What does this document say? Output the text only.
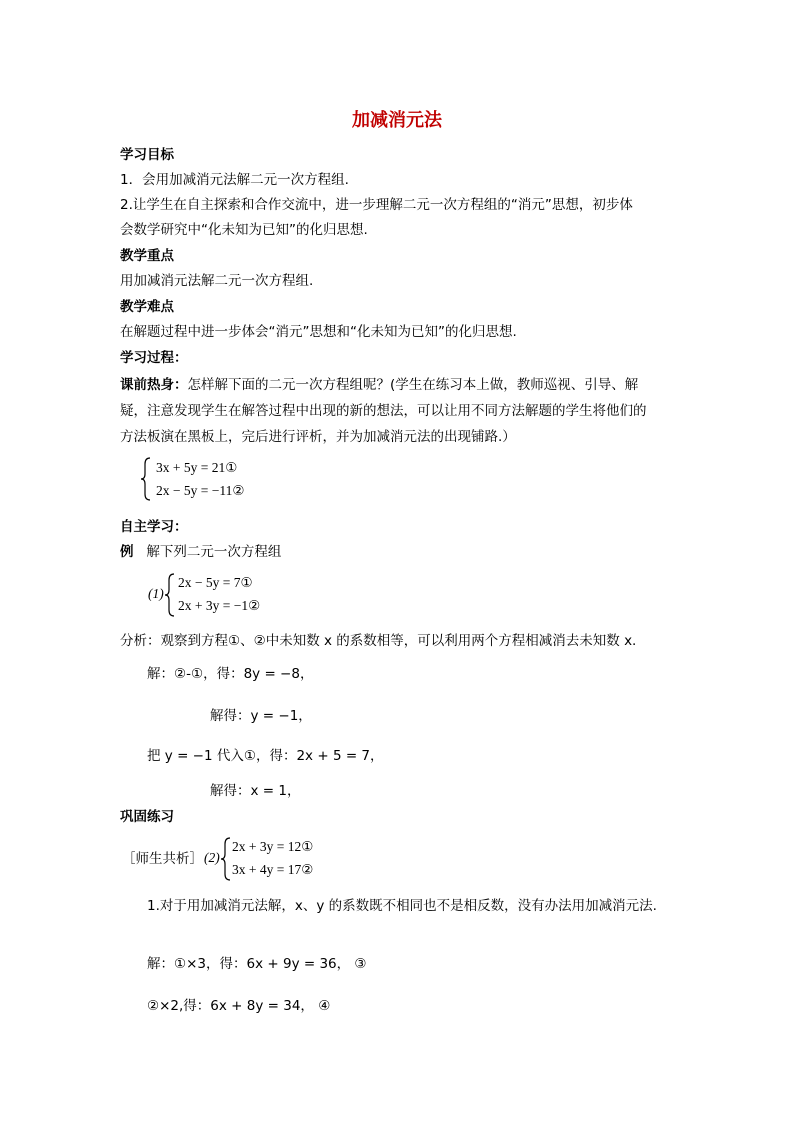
加减消元法
学习目标
1．会用加减消元法解二元一次方程组.
2.让学生在自主探索和合作交流中，进一步理解二元一次方程组的“消元”思想，初步体
会数学研究中“化未知为已知”的化归思想.
教学重点
用加减消元法解二元一次方程组.
教学难点
在解题过程中进一步体会“消元”思想和“化未知为已知”的化归思想.
学习过程：
课前热身：怎样解下面的二元一次方程组呢？(学生在练习本上做，教师巡视、引导、解
疑，注意发现学生在解答过程中出现的新的想法，可以让用不同方法解题的学生将他们的
方法板演在黑板上，完后进行评析，并为加减消元法的出现铺路.）
3x + 5y = 21①
2x − 5y = −11②
自主学习：
例 解下列二元一次方程组
(1)
2x − 5y = 7①
2x + 3y = −1②
分析：观察到方程①、②中未知数 x 的系数相等，可以利用两个方程相减消去未知数 x.
解：②-①，得：8y = −8，
解得：y = −1，
把 y = −1 代入①，得：2x + 5 = 7，
解得：x = 1，
巩固练习
［师生共析］ (2)
2x + 3y = 12①
3x + 4y = 17②
1.对于用加减消元法解，x、y 的系数既不相同也不是相反数，没有办法用加减消元法.
解：①×3，得：6x + 9y = 36， ③
②×2,得：6x + 8y = 34， ④
